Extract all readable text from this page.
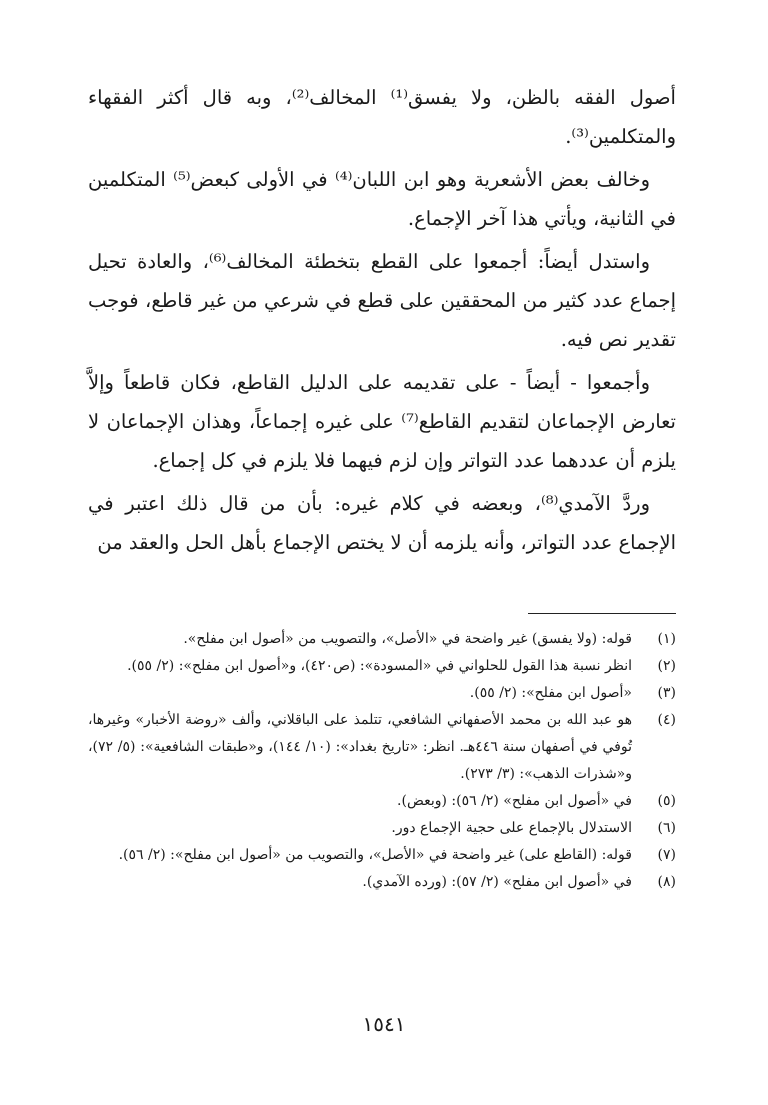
أصول الفقه بالظن، ولا يفسق⁽¹⁾ المخالف⁽²⁾، وبه قال أكثر الفقهاء والمتكلمين⁽³⁾.

وخالف بعض الأشعرية وهو ابن اللبان⁽⁴⁾ في الأولى كبعض⁽⁵⁾ المتكلمين في الثانية، ويأتي هذا آخر الإجماع.

واستدل أيضاً: أجمعوا على القطع بتخطئة المخالف⁽⁶⁾، والعادة تحيل إجماع عدد كثير من المحققين على قطع في شرعي من غير قاطع، فوجب تقدير نص فيه.

وأجمعوا - أيضاً - على تقديمه على الدليل القاطع، فكان قاطعاً وإلاَّ تعارض الإجماعان لتقديم القاطع⁽⁷⁾ على غيره إجماعاً، وهذان الإجماعان لا يلزم أن عددهما عدد التواتر وإن لزم فيهما فلا يلزم في كل إجماع.

وردَّ الآمدي⁽⁸⁾، وبعضه في كلام غيره: بأن من قال ذلك اعتبر في الإجماع عدد التواتر، وأنه يلزمه أن لا يختص الإجماع بأهل الحل والعقد من

(١)
قوله: (ولا يفسق) غير واضحة في «الأصل»، والتصويب من «أصول ابن مفلح».
(٢)
انظر نسبة هذا القول للحلواني في «المسودة»: (ص٤٢٠)، و«أصول ابن مفلح»: (٢/ ٥٥).
(٣)
«أصول ابن مفلح»: (٢/ ٥٥).
(٤)
هو عبد الله بن محمد الأصفهاني الشافعي، تتلمذ على الباقلاني، وألف «روضة الأخبار» وغيرها، تُوفي في أصفهان سنة ٤٤٦هـ. انظر: «تاريخ بغداد»: (١٠/ ١٤٤)، و«طبقات الشافعية»: (٥/ ٧٢)، و«شذرات الذهب»: (٣/ ٢٧٣).
(٥)
في «أصول ابن مفلح» (٢/ ٥٦): (وبعض).
(٦)
الاستدلال بالإجماع على حجية الإجماع دور.
(٧)
قوله: (القاطع على) غير واضحة في «الأصل»، والتصويب من «أصول ابن مفلح»: (٢/ ٥٦).
(٨)
في «أصول ابن مفلح» (٢/ ٥٧): (ورده الآمدي).
١٥٤١
